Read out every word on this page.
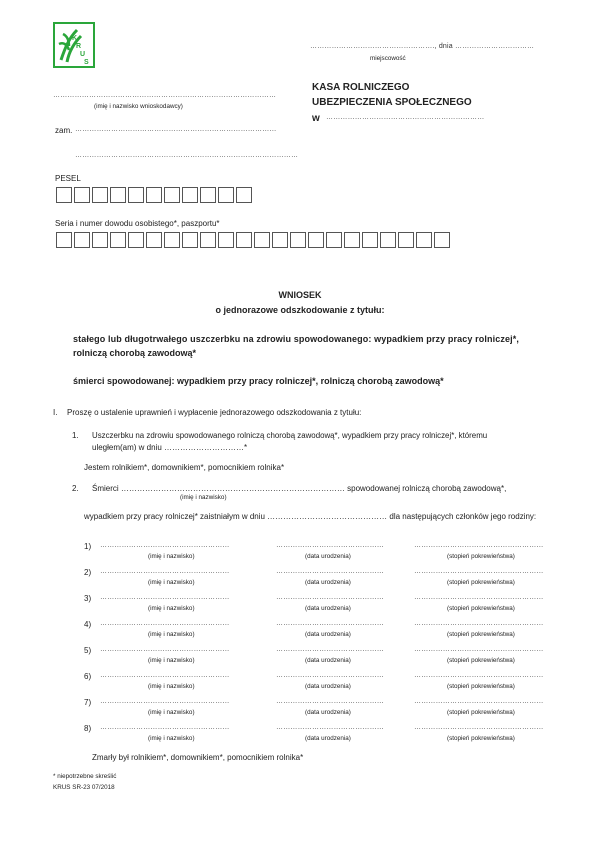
K
R
U
S
……………………………………………., dnia ……………………………
miejscowość
KASA ROLNICZEGO
UBEZPIECZENIA SPOŁECZNEGO
w …………………………………………………………
…………………………………………………………………………………
(imię i nazwisko wnioskodawcy)
zam. …………………………………………………………………………
…………………………………………………………………………………
PESEL
Seria i numer dowodu osobistego*, paszportu*
WNIOSEK
o jednorazowe odszkodowanie z tytułu:
stałego lub długotrwałego uszczerbku na zdrowiu spowodowanego: wypadkiem przy pracy rolniczej*,
rolniczą chorobą zawodową*
śmierci spowodowanej: wypadkiem przy pracy rolniczej*, rolniczą chorobą zawodową*
I. Proszę o ustalenie uprawnień i wypłacenie jednorazowego odszkodowania z tytułu:
1. Uszczerbku na zdrowiu spowodowanego rolniczą chorobą zawodową*, wypadkiem przy pracy rolniczej*, któremu
uległem(am) w dniu …………………………*
Jestem rolnikiem*, domownikiem*, pomocnikiem rolnika*
2. Śmierci ………………………………………………………………………… spowodowanej rolniczą chorobą zawodową*,
(imię i nazwisko)
wypadkiem przy pracy rolniczej* zaistniałym w dniu ……………………………………… dla następujących członków jego rodziny:
1) ………………………………………………	………………………………………	………………………………………………
(imię i nazwisko)	(data urodzenia)	(stopień pokrewieństwa)
2) ………………………………………………	………………………………………	………………………………………………
(imię i nazwisko)	(data urodzenia)	(stopień pokrewieństwa)
3) ………………………………………………	………………………………………	………………………………………………
(imię i nazwisko)	(data urodzenia)	(stopień pokrewieństwa)
4) ………………………………………………	………………………………………	………………………………………………
(imię i nazwisko)	(data urodzenia)	(stopień pokrewieństwa)
5) ………………………………………………	………………………………………	………………………………………………
(imię i nazwisko)	(data urodzenia)	(stopień pokrewieństwa)
6) ………………………………………………	………………………………………	………………………………………………
(imię i nazwisko)	(data urodzenia)	(stopień pokrewieństwa)
7) ………………………………………………	………………………………………	………………………………………………
(imię i nazwisko)	(data urodzenia)	(stopień pokrewieństwa)
8) ………………………………………………	………………………………………	………………………………………………
(imię i nazwisko)	(data urodzenia)	(stopień pokrewieństwa)
Zmarły był rolnikiem*, domownikiem*, pomocnikiem rolnika*
* niepotrzebne skreślić
KRUS SR-23 07/2018
